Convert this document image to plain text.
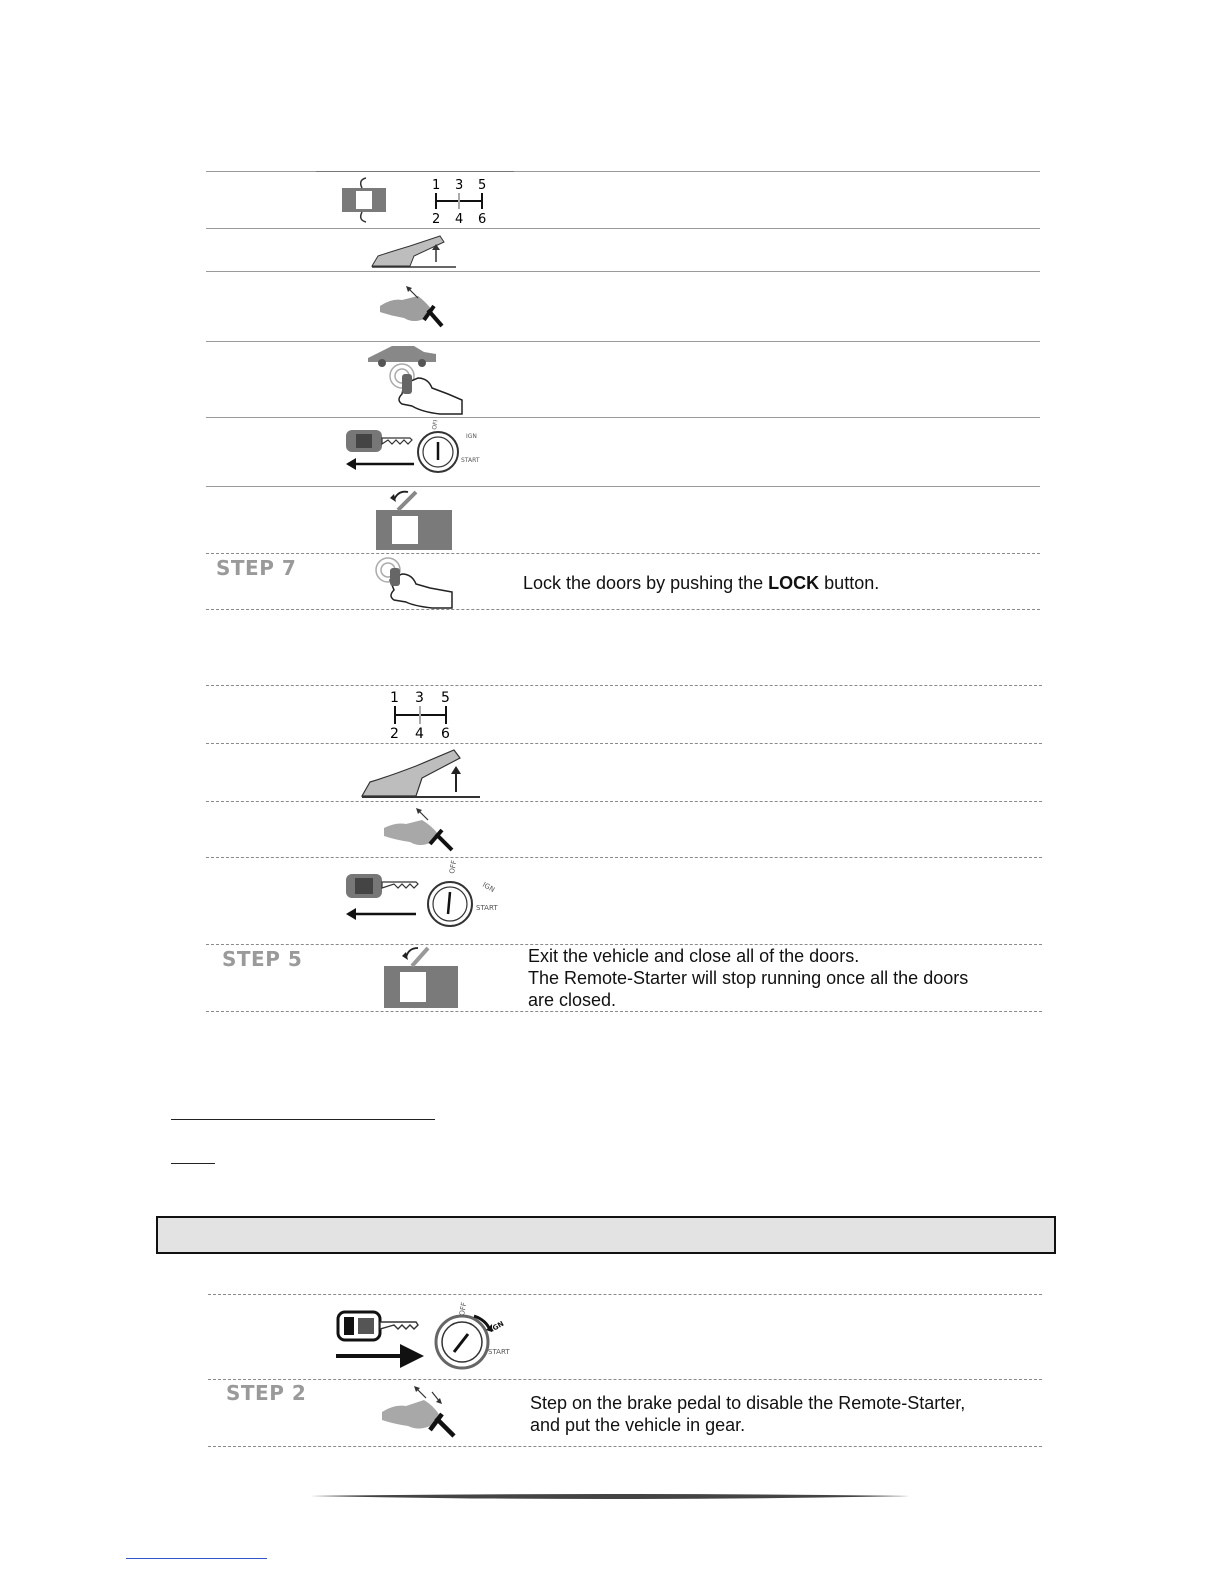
1 3 5
2 4 6
OFF
IGN
START
STEP 7
Lock the doors by pushing the LOCK button.
1 3 5
2 4 6
OFF
IGN
START
STEP 5	Exit the vehicle and close all of the doors.
The Remote-Starter will stop running once all the doors
are closed.
OFF
IGN
START
STEP 2	Step on the brake pedal to disable the Remote-Starter,
and put the vehicle in gear.
